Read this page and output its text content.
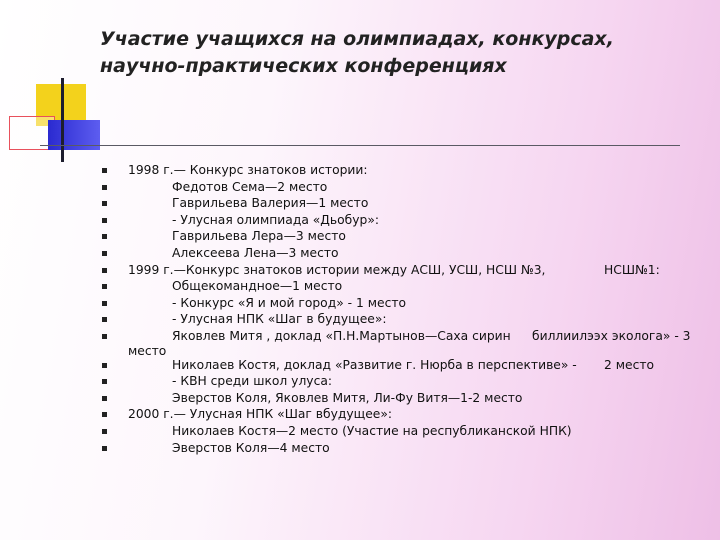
Участие учащихся на олимпиадах, конкурсах,
научно-практических конференциях
1998 г.— Конкурс знатоков истории:
Федотов Сема—2 место
Гаврильева Валерия—1 место
- Улусная олимпиада «Дьобур»:
Гаврильева Лера—3 место
Алексеева Лена—3 место
1999 г.—Конкурс знатоков истории между АСШ, УСШ, НСШ №3,	НСШ№1:
Общекомандное—1 место
- Конкурс «Я и мой город» - 1 место
- Улусная НПК «Шаг в будущее»:
Яковлев Митя , доклад «П.Н.Мартынов—Саха сирин биллиилээх эколога» - 3
место
Николаев Костя, доклад «Развитие г. Нюрба в перспективе» - 2 место
- КВН среди школ улуса:
Эверстов Коля, Яковлев Митя, Ли-Фу Витя—1-2 место
2000 г.— Улусная НПК «Шаг вбудущее»:
Николаев Костя—2 место (Участие на республиканской НПК)
Эверстов Коля—4 место
